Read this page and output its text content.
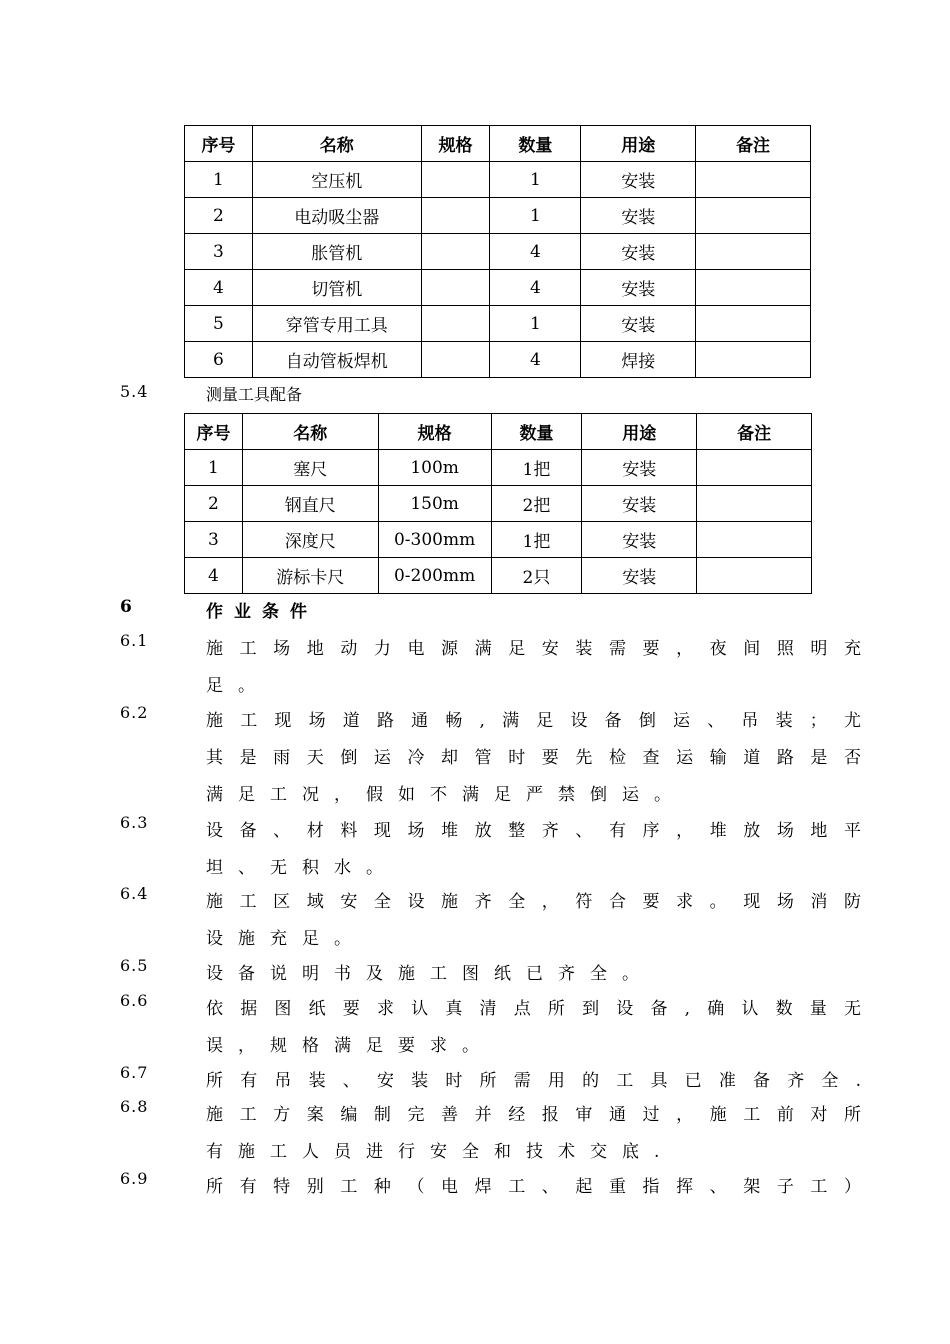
序号	名称	规格	数量	用途	备注
1	空压机		1	安装	
2	电动吸尘器		1	安装	
3	胀管机		4	安装	
4	切管机		4	安装	
5	穿管专用工具		1	安装	
6	自动管板焊机		4	焊接	
5.4	测量工具配备
序号	名称	规格	数量	用途	备注
1	塞尺	100m	1把	安装	
2	钢直尺	150m	2把	安装	
3	深度尺	0-300mm	1把	安装	
4	游标卡尺	0-200mm	2只	安装	
6	作业条件
6.1	施 工 场 地 动 力 电 源 满 足 安 装 需 要 ， 夜 间 照 明 充
足 。
6.2	施 工 现 场 道 路 通 畅 , 满 足 设 备 倒 运 、 吊 装 ； 尤
其 是 雨 天 倒 运 冷 却 管 时 要 先 检 查 运 输 道 路 是 否
满 足 工 况 ， 假 如 不 满 足 严 禁 倒 运 。
6.3	设 备 、 材 料 现 场 堆 放 整 齐 、 有 序 ， 堆 放 场 地 平
坦 、 无 积 水 。
6.4	施 工 区 域 安 全 设 施 齐 全 ， 符 合 要 求 。 现 场 消 防
设 施 充 足 。
6.5	设 备 说 明 书 及 施 工 图 纸 已 齐 全 。
6.6	依 据 图 纸 要 求 认 真 清 点 所 到 设 备 , 确 认 数 量 无
误 ， 规 格 满 足 要 求 。
6.7	所 有 吊 装 、 安 装 时 所 需 用 的 工 具 已 准 备 齐 全 .
6.8	施 工 方 案 编 制 完 善 并 经 报 审 通 过 ， 施 工 前 对 所
有 施 工 人 员 进 行 安 全 和 技 术 交 底 .
6.9	所 有 特 别 工 种 （ 电 焊 工 、 起 重 指 挥 、 架 子 工 ）
